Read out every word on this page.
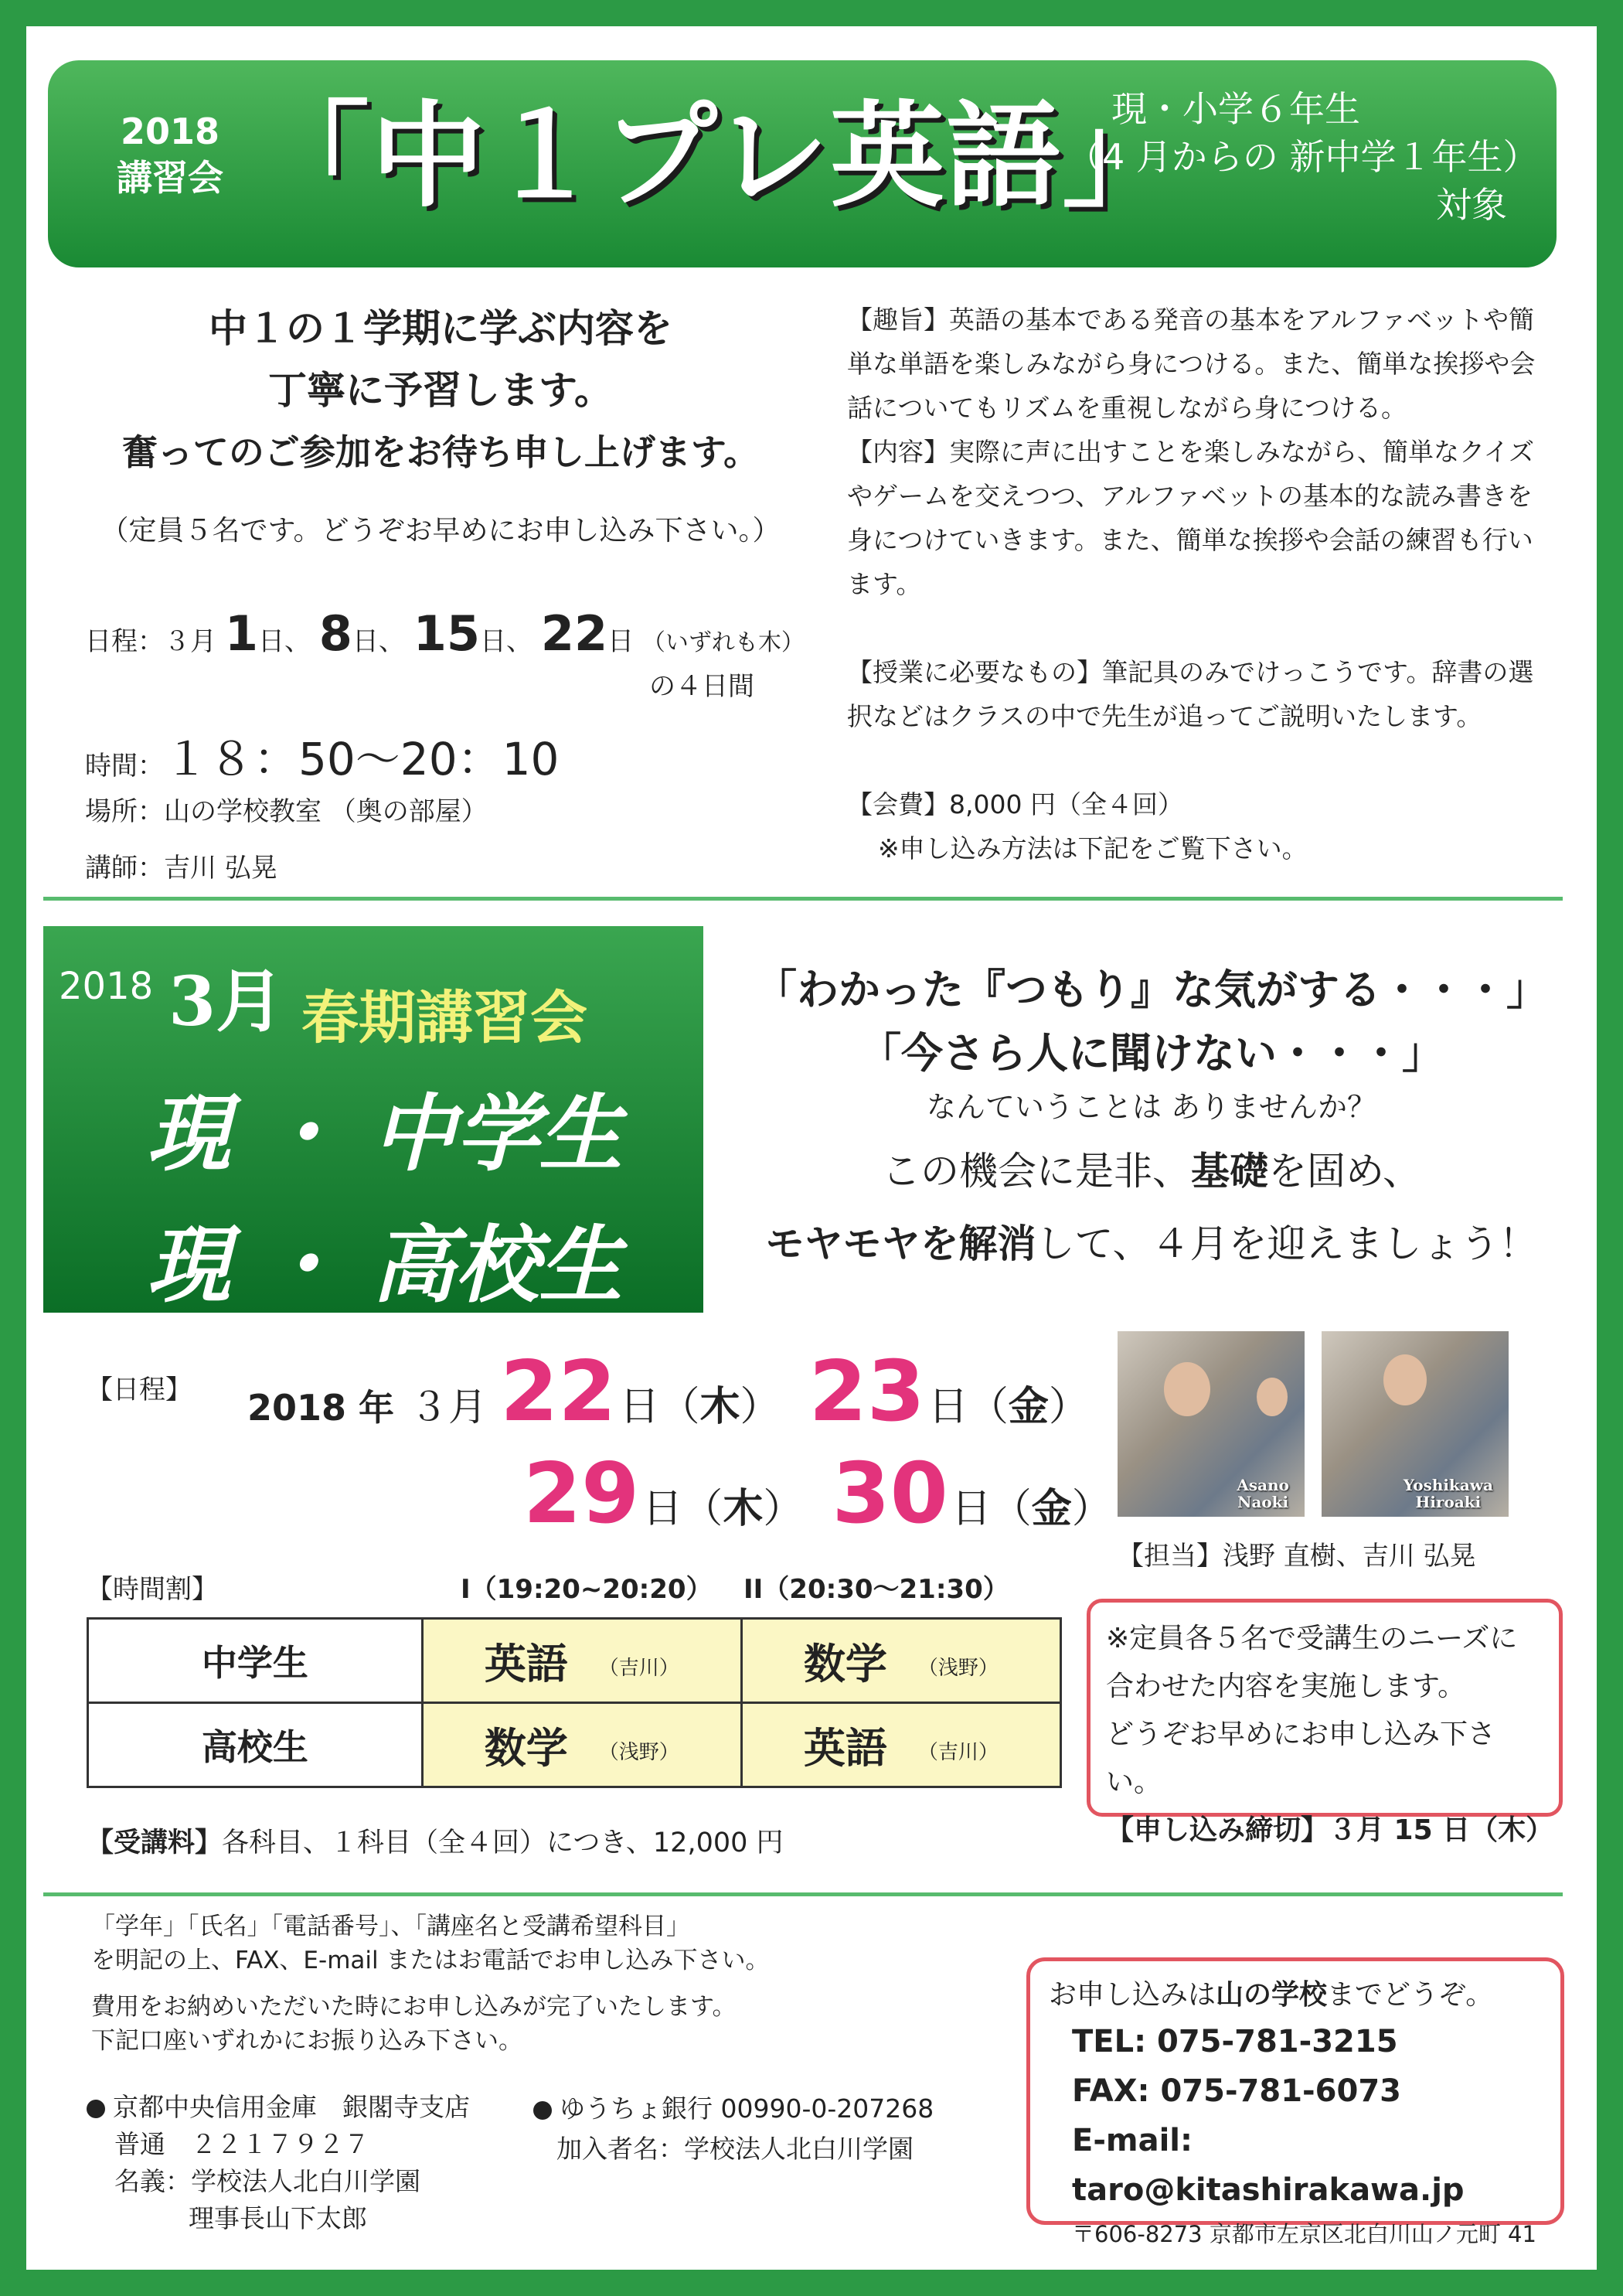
2018
講習会 「中１プレ英語」
現・小学６年生
（4 月からの 新中学１年生）
対象
中１の１学期に学ぶ内容を
丁寧に予習します。
奮ってのご参加をお待ち申し上げます。
（定員５名です。どうぞお早めにお申し込み下さい。）
日程：３月 1日、 8日、 15日、 22日 （いずれも木）
の４日間
時間：１８：50〜20：10
場所：山の学校教室 （奥の部屋）
講師：吉川 弘晃

【趣旨】英語の基本である発音の基本をアルファベットや簡単な単語を楽しみながら身につける。また、簡単な挨拶や会話についてもリズムを重視しながら身につける。

【内容】実際に声に出すことを楽しみながら、簡単なクイズやゲームを交えつつ、アルファベットの基本的な読み書きを身につけていきます。また、簡単な挨拶や会話の練習も行います。

【授業に必要なもの】筆記具のみでけっこうです。辞書の選択などはクラスの中で先生が追ってご説明いたします。

【会費】8,000 円（全４回）

※申し込み方法は下記をご覧下さい。

2018 3月 春期講習会
現 ・ 中学生
現 ・ 高校生
「わかった『つもり』な気がする・・・」
「今さら人に聞けない・・・」
なんていうことは ありませんか？
この機会に是非、基礎を固め、
モヤモヤを解消して、４月を迎えましょう！
【日程】 2018 年 ３月 22日（木） 23日（金）
29日（木） 30日（金）
Asano
Naoki
Yoshikawa
Hiroaki
【担当】浅野 直樹、吉川 弘晃
【時間割】	I（19:20~20:20） II（20:30〜21:30）
中学生	英語 （吉川）	数学 （浅野）
高校生	数学 （浅野）	英語 （吉川）
※定員各５名で受講生のニーズに
合わせた内容を実施します。
どうぞお早めにお申し込み下さい。
【申し込み締切】３月 15 日（木）
【受講料】各科目、１科目（全４回）につき、12,000 円
「学年」「氏名」「電話番号」、「講座名と受講希望科目」
を明記の上、FAX、E-mail またはお電話でお申し込み下さい。
費用をお納めいただいた時にお申し込みが完了いたします。
下記口座いずれかにお振り込み下さい。
京都中央信用金庫　銀閣寺支店
普通　２２１７９２７
名義：学校法人北白川学園
理事長山下太郎
ゆうちょ銀行 00990-0-207268
加入者名：学校法人北白川学園
お申し込みは山の学校までどうぞ。
TEL: 075-781-3215
FAX: 075-781-6073
E-mail: taro@kitashirakawa.jp
〒606-8273 京都市左京区北白川山ノ元町 41
